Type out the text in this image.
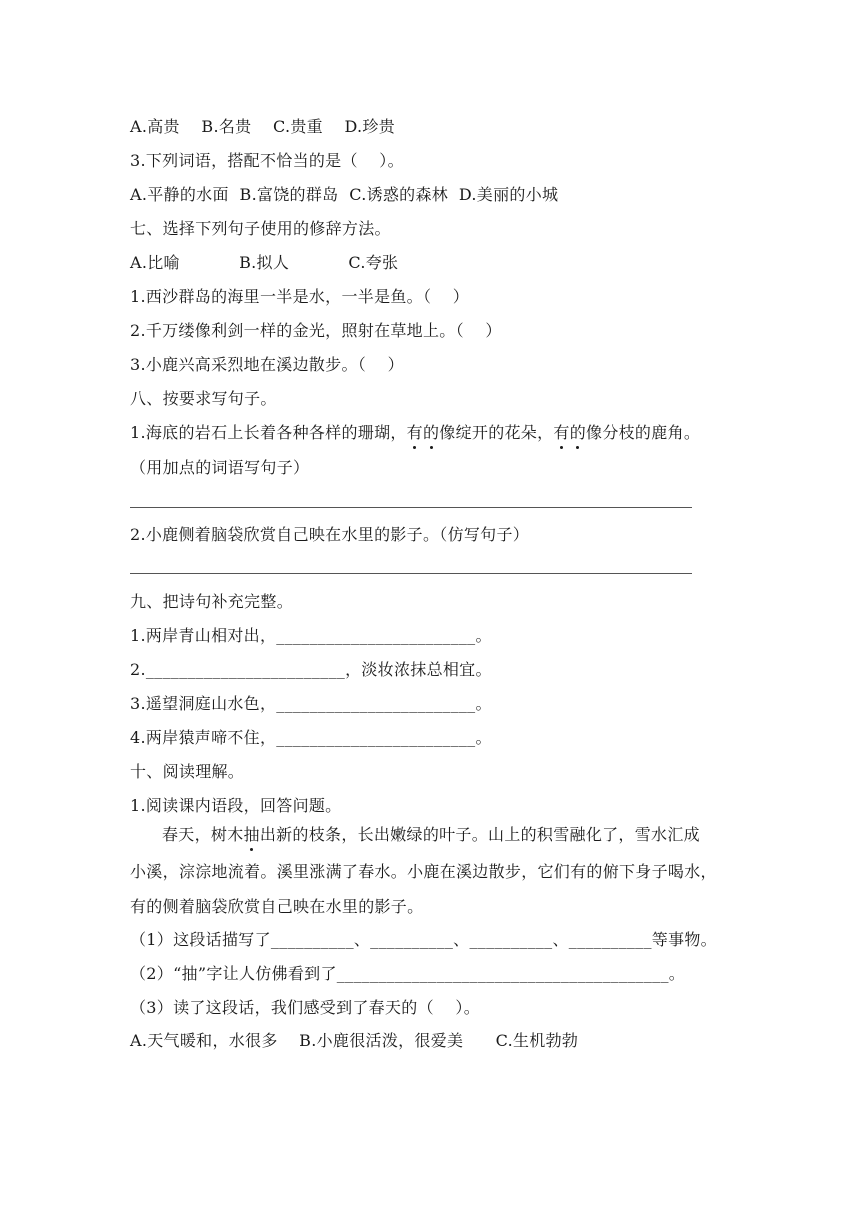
A.高贵    B.名贵    C.贵重    D.珍贵
3.下列词语，搭配不恰当的是（    ）。
A.平静的水面  B.富饶的群岛  C.诱惑的森林  D.美丽的小城
七、选择下列句子使用的修辞方法。
A.比喻           B.拟人           C.夸张
1.西沙群岛的海里一半是水，一半是鱼。（    ）
2.千万缕像利剑一样的金光，照射在草地上。（    ）
3.小鹿兴高采烈地在溪边散步。（    ）
八、按要求写句子。
1.海底的岩石上长着各种各样的珊瑚，有的像绽开的花朵，有的像分枝的鹿角。
（用加点的词语写句子）
2.小鹿侧着脑袋欣赏自己映在水里的影子。（仿写句子）
九、把诗句补充完整。
1.两岸青山相对出，________________________。
2.________________________，淡妆浓抹总相宜。
3.遥望洞庭山水色，________________________。
4.两岸猿声啼不住，________________________。
十、阅读理解。
1.阅读课内语段，回答问题。
春天，树木抽出新的枝条，长出嫩绿的叶子。山上的积雪融化了，雪水汇成
小溪，淙淙地流着。溪里涨满了春水。小鹿在溪边散步，它们有的俯下身子喝水，
有的侧着脑袋欣赏自己映在水里的影子。
（1）这段话描写了__________、__________、__________、__________等事物。
（2）“抽”字让人仿佛看到了________________________________________。
（3）读了这段话，我们感受到了春天的（    ）。
A.天气暖和，水很多    B.小鹿很活泼，很爱美      C.生机勃勃
